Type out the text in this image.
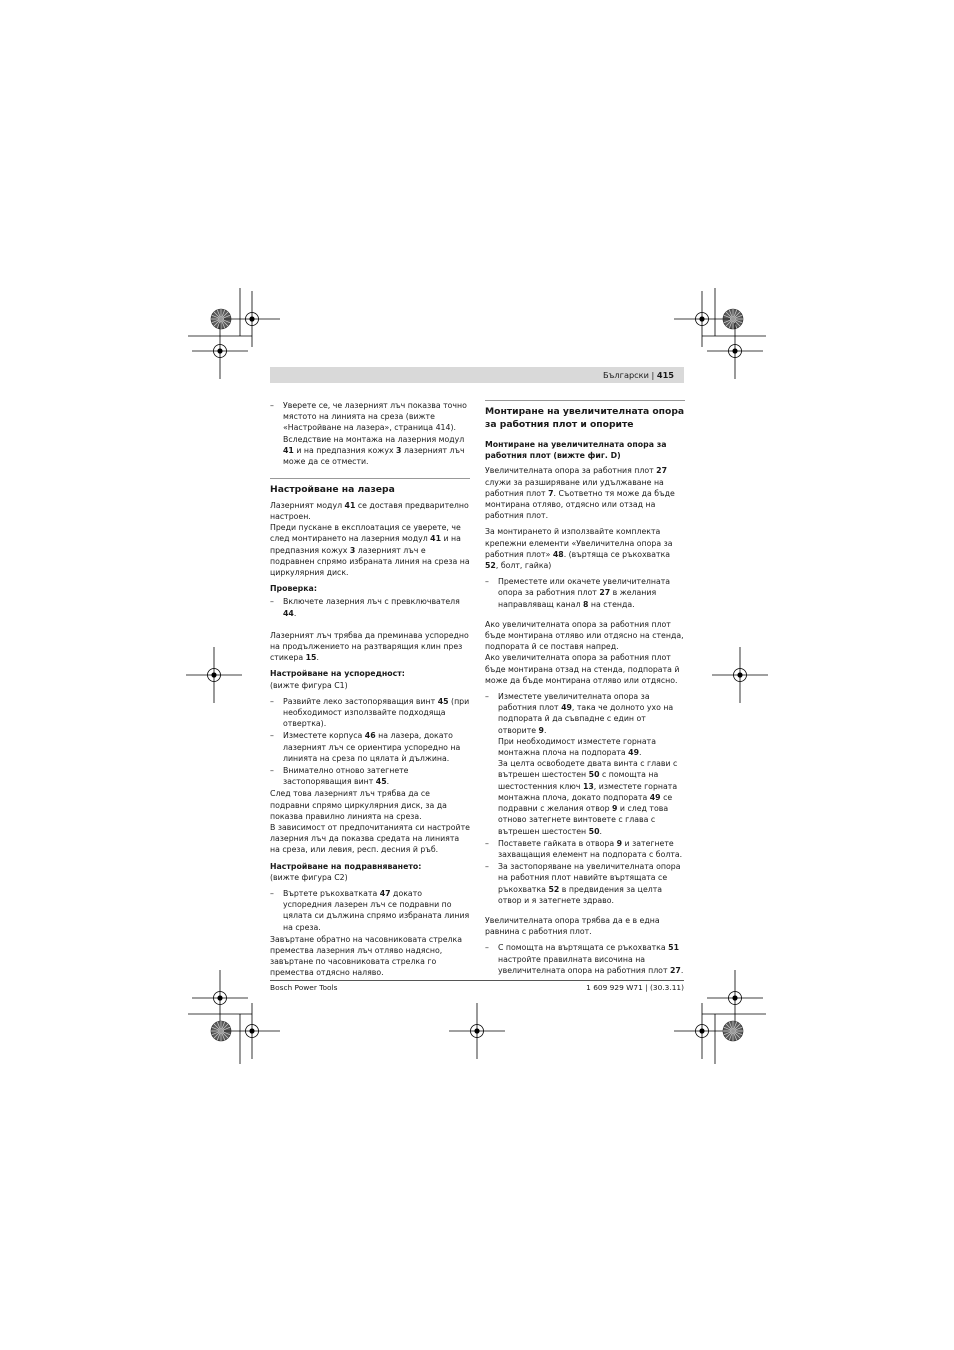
Български | 415
– Уверете се, че лазерният лъч показва точно мястото на линията на среза (вижте «Настройване на лазера», страница 414). Вследствие на монтажа на лазерния модул 41 и на предпазния кожух 3 лазерният лъч може да се отмести.
Настройване на лазера

Лазерният модул 41 се доставя предварително настроен.

Преди пускане в експлоатация се уверете, че след монтирането на лазерния модул 41 и на предпазния кожух 3 лазерният лъч е подравнен спрямо избраната линия на среза на циркулярния диск.

Проверка:
– Включете лазерния лъч с превключвателя 44.

Лазерният лъч трябва да преминава успоредно на продължението на разтварящия клин през стикера 15.

Настройване на успоредност:

(вижте фигура C1)

– Развийте леко застопоряващия винт 45 (при необходимост използвайте подходяща отвертка).
– Изместете корпуса 46 на лазера, докато лазерният лъч се ориентира успоредно на линията на среза по цялата ѝ дължина.
– Внимателно отново затегнете застопоряващия винт 45.

След това лазерният лъч трябва да се подравни спрямо циркулярния диск, за да показва правилно линията на среза.

В зависимост от предпочитанията си настройте лазерния лъч да показва средата на линията на среза, или левия, респ. десния й ръб.

Настройване на подравняването:

(вижте фигура C2)

– Въртете ръкохватката 47 докато успоредния лазерен лъч се подравни по цялата си дължина спрямо избраната линия на среза.

Завъртане обратно на часовниковата стрелка премества лазерния лъч отляво надясно, завъртане по часовниковата стрелка го премества отдясно наляво.

Монтиране на увеличителната опора за работния плот и опорите
Монтиране на увеличителната опора за работния плот (вижте фиг. D)

Увеличителната опора за работния плот 27 служи за разширяване или удължаване на работния плот 7. Съответно тя може да бъде монтирана отляво, отдясно или отзад на работния плот.

За монтирането й използвайте комплекта крепежни елементи «Увеличителна опора за работния плот» 48. (въртяща се ръкохватка 52, болт, гайка)

– Преместете или окачете увеличителната опора за работния плот 27 в желания направляващ канал 8 на стенда.

Ако увеличителната опора за работния плот бъде монтирана отляво или отдясно на стенда, подпората й се поставя напред.

Ако увеличителната опора за работния плот бъде монтирана отзад на стенда, подпората й може да бъде монтирана отляво или отдясно.

– Изместете увеличителната опора за работния плот 49, така че долното ухо на подпората й да съвпадне с един от отворите 9.
При необходимост изместете горната монтажна плоча на подпората 49.
За целта освободете двата винта с глави с вътрешен шестостен 50 с помощта на шестостенния ключ 13, изместете горната монтажна плоча, докато подпората 49 се подравни с желания отвор 9 и след това отново затегнете винтовете с глава с вътрешен шестостен 50.
– Поставете гайката в отвора 9 и затегнете захващащия елемент на подпората с болта.
– За застопоряване на увеличителната опора на работния плот навийте въртящата се ръкохватка 52 в предвидения за целта отвор и я затегнете здраво.

Увеличителната опора трябва да е в една равнина с работния плот.

– С помощта на въртящата се ръкохватка 51 настройте правилната височина на увеличителната опора на работния плот 27.
Bosch Power Tools	1 609 929 W71 | (30.3.11)
